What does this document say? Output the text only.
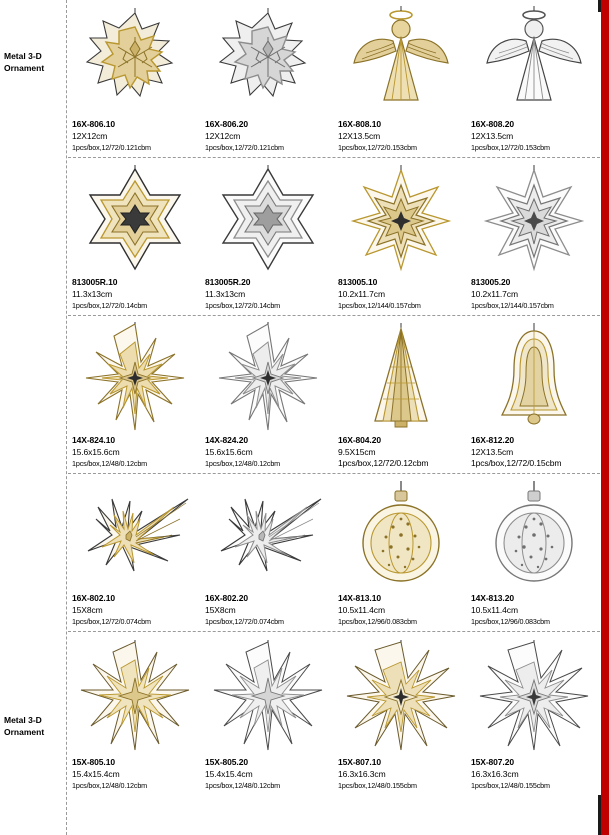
Metal 3-D Ornament
Metal 3-D Ornament
16X-806.10
12X12cm
1pcs/box,12/72/0.121cbm
16X-806.20
12X12cm
1pcs/box,12/72/0.121cbm
16X-808.10
12X13.5cm
1pcs/box,12/72/0.153cbm
16X-808.20
12X13.5cm
1pcs/box,12/72/0.153cbm
813005R.10
11.3x13cm
1pcs/box,12/72/0.14cbm
813005R.20
11.3x13cm
1pcs/box,12/72/0.14cbm
813005.10
10.2x11.7cm
1pcs/box,12/144/0.157cbm
813005.20
10.2x11.7cm
1pcs/box,12/144/0.157cbm
14X-824.10
15.6x15.6cm
1pcs/box,12/48/0.12cbm
14X-824.20
15.6x15.6cm
1pcs/box,12/48/0.12cbm
16X-804.20
9.5X15cm
1pcs/box,12/72/0.12cbm
16X-812.20
12X13.5cm
1pcs/box,12/72/0.15cbm
16X-802.10
15X8cm
1pcs/box,12/72/0.074cbm
16X-802.20
15X8cm
1pcs/box,12/72/0.074cbm
14X-813.10
10.5x11.4cm
1pcs/box,12/96/0.083cbm
14X-813.20
10.5x11.4cm
1pcs/box,12/96/0.083cbm
15X-805.10
15.4x15.4cm
1pcs/box,12/48/0.12cbm
15X-805.20
15.4x15.4cm
1pcs/box,12/48/0.12cbm
15X-807.10
16.3x16.3cm
1pcs/box,12/48/0.155cbm
15X-807.20
16.3x16.3cm
1pcs/box,12/48/0.155cbm
